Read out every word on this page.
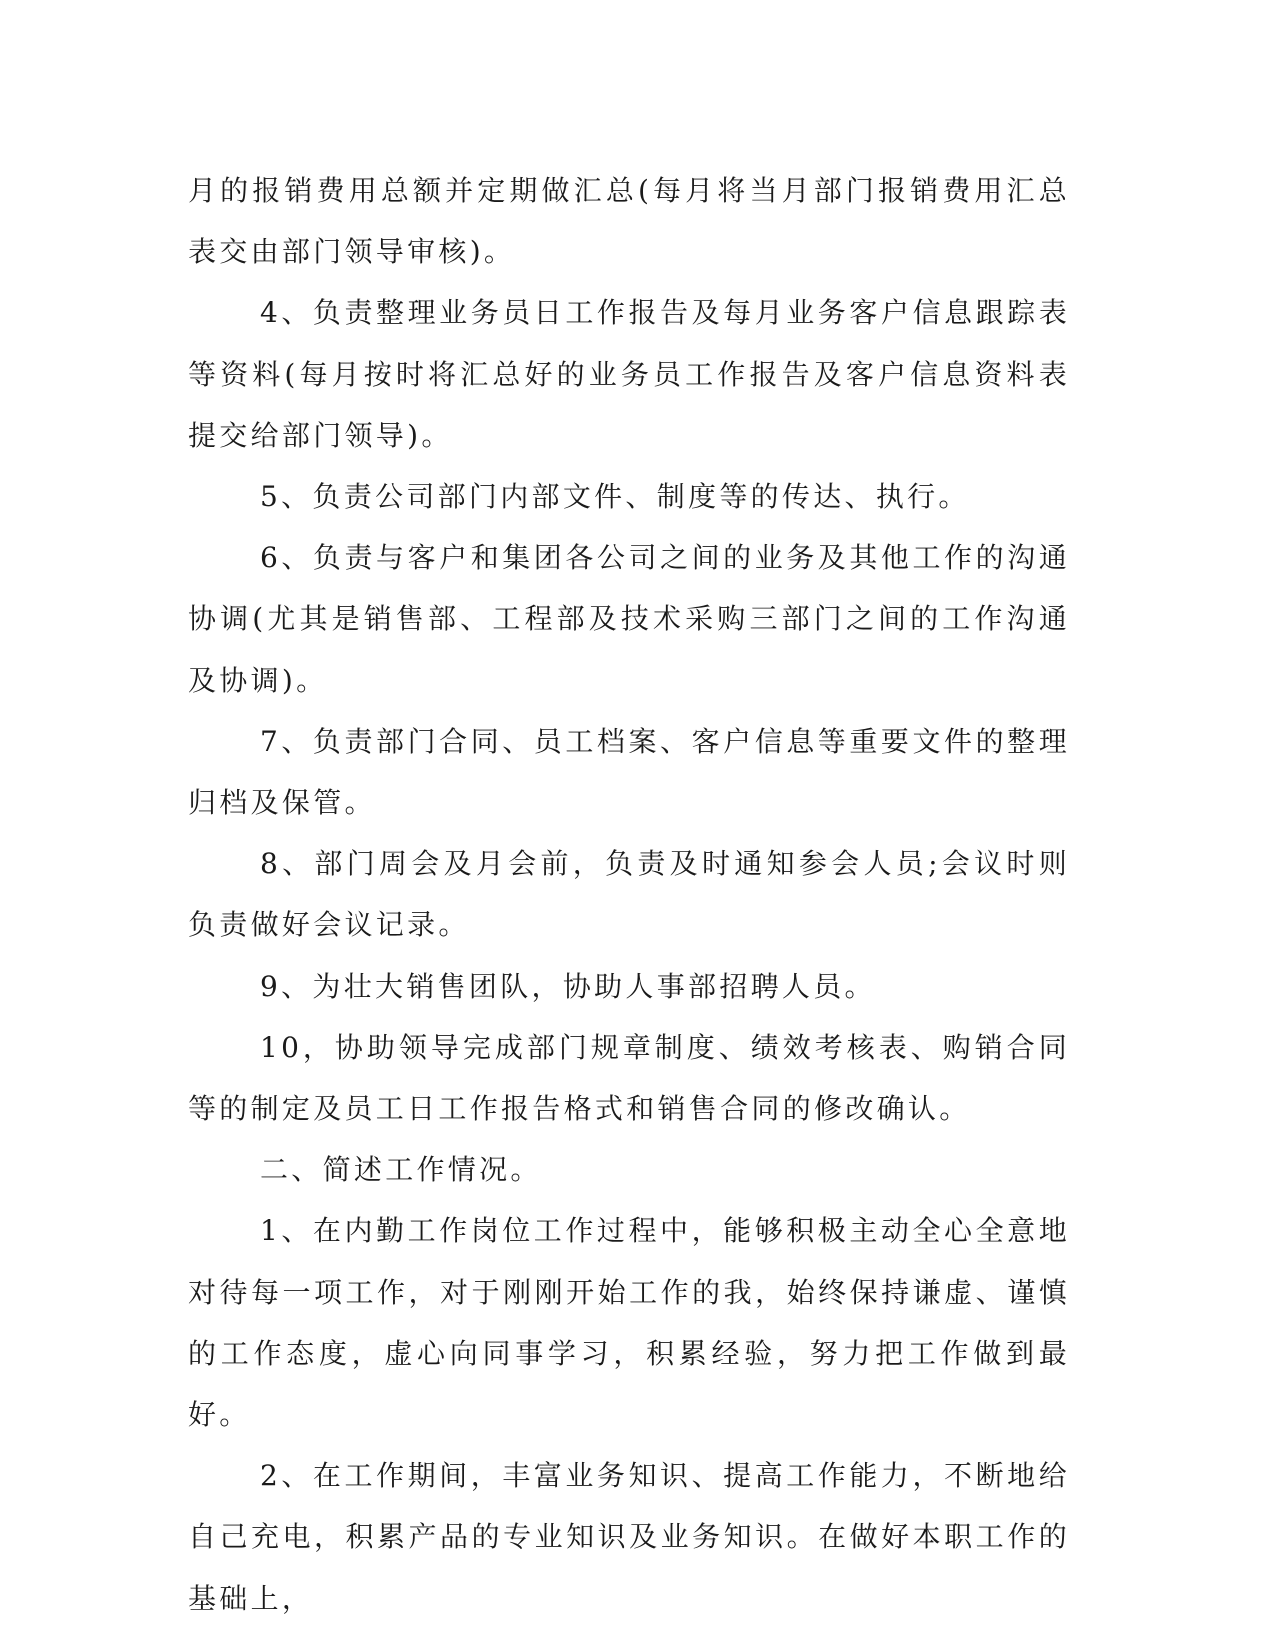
月的报销费用总额并定期做汇总(每月将当月部门报销费用汇总表交由部门领导审核)。

4、负责整理业务员日工作报告及每月业务客户信息跟踪表等资料(每月按时将汇总好的业务员工作报告及客户信息资料表提交给部门领导)。

5、负责公司部门内部文件、制度等的传达、执行。

6、负责与客户和集团各公司之间的业务及其他工作的沟通协调(尤其是销售部、工程部及技术采购三部门之间的工作沟通及协调)。

7、负责部门合同、员工档案、客户信息等重要文件的整理归档及保管。

8、部门周会及月会前，负责及时通知参会人员;会议时则负责做好会议记录。

9、为壮大销售团队，协助人事部招聘人员。

10，协助领导完成部门规章制度、绩效考核表、购销合同等的制定及员工日工作报告格式和销售合同的修改确认。

二、简述工作情况。

1、在内勤工作岗位工作过程中，能够积极主动全心全意地对待每一项工作，对于刚刚开始工作的我，始终保持谦虚、谨慎的工作态度，虚心向同事学习，积累经验，努力把工作做到最好。

2、在工作期间，丰富业务知识、提高工作能力，不断地给自己充电，积累产品的专业知识及业务知识。在做好本职工作的基础上，
